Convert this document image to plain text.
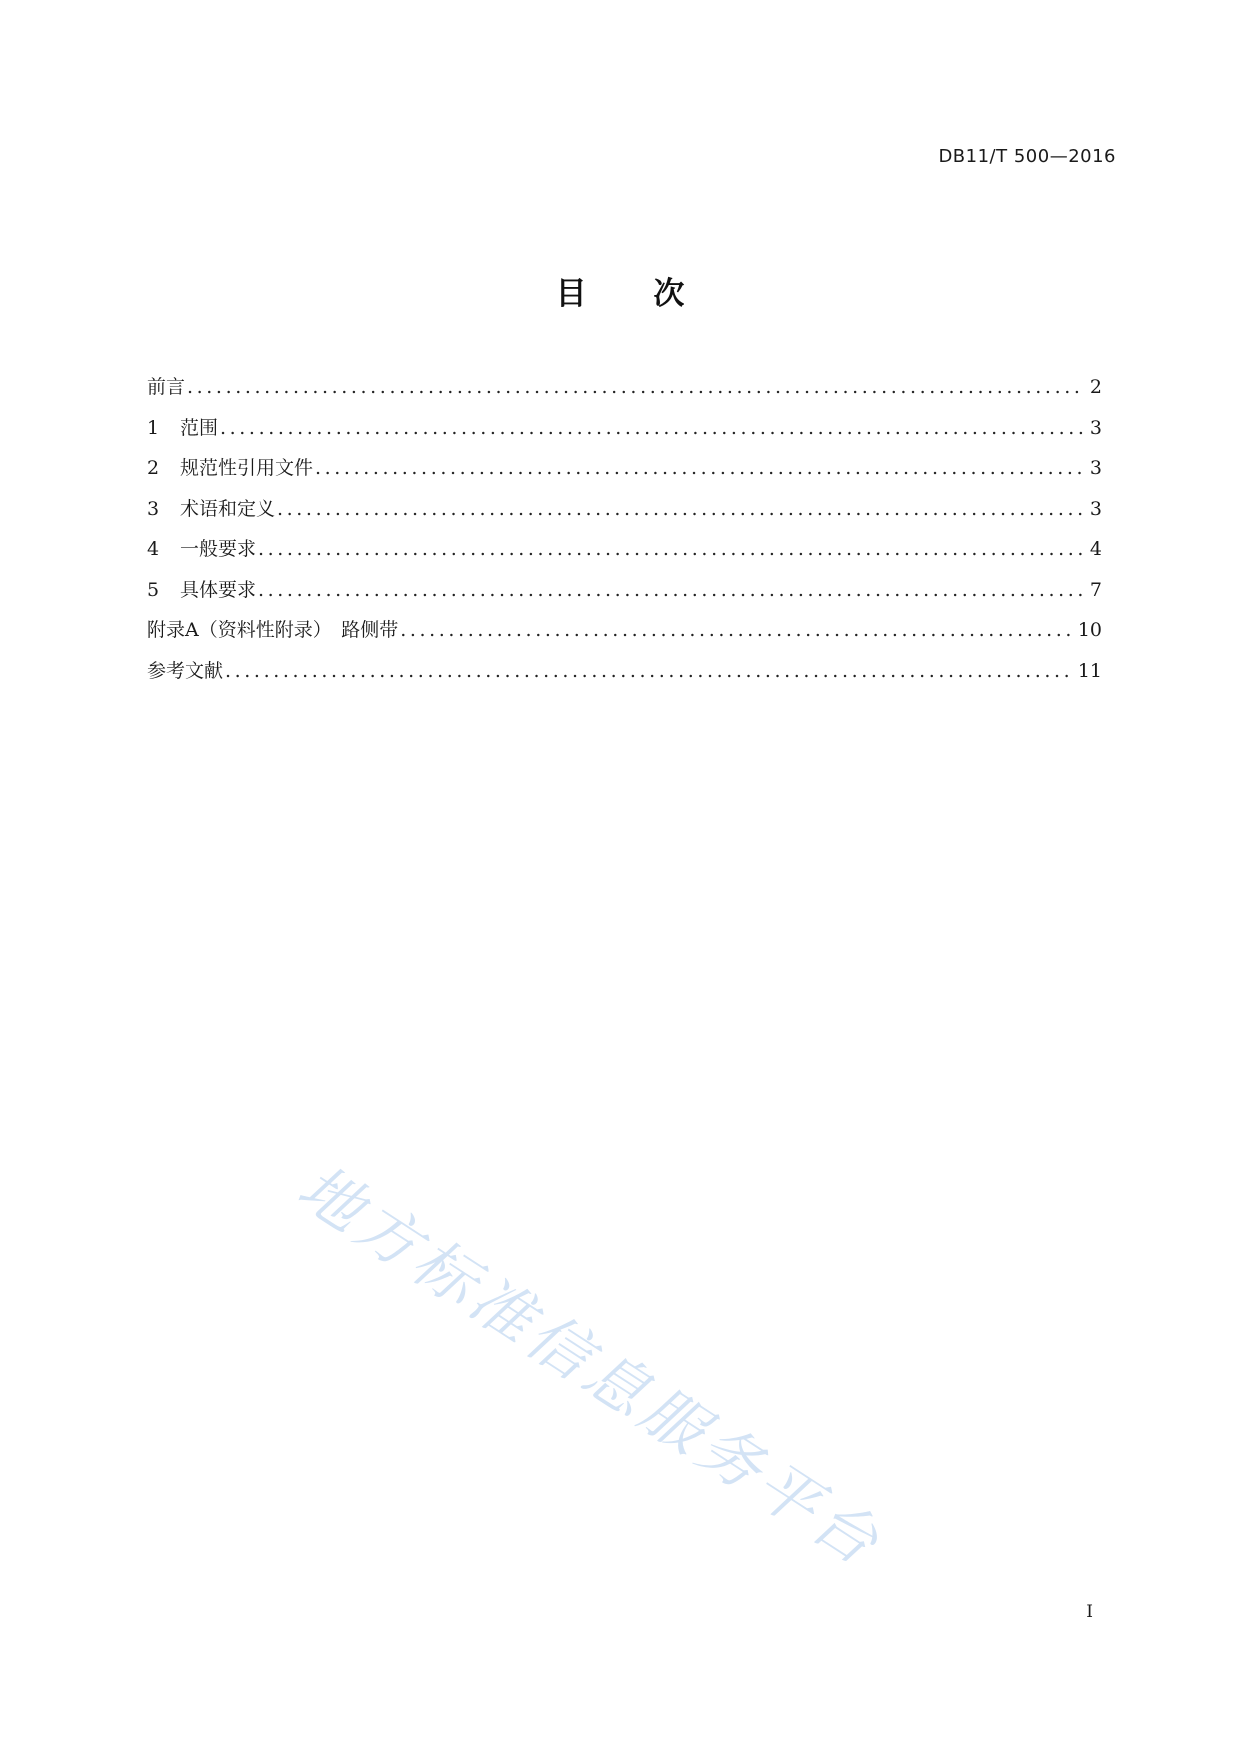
DB11/T 500—2016
目 次
前言 .....	2
1	范围 .....	3
2	规范性引用文件 .....	3
3	术语和定义 .....	3
4	一般要求 .....	4
5	具体要求 .....	7
附录A（资料性附录）　路侧带 .....	10
参考文献 .....	11
地方标准信息服务平台
I
